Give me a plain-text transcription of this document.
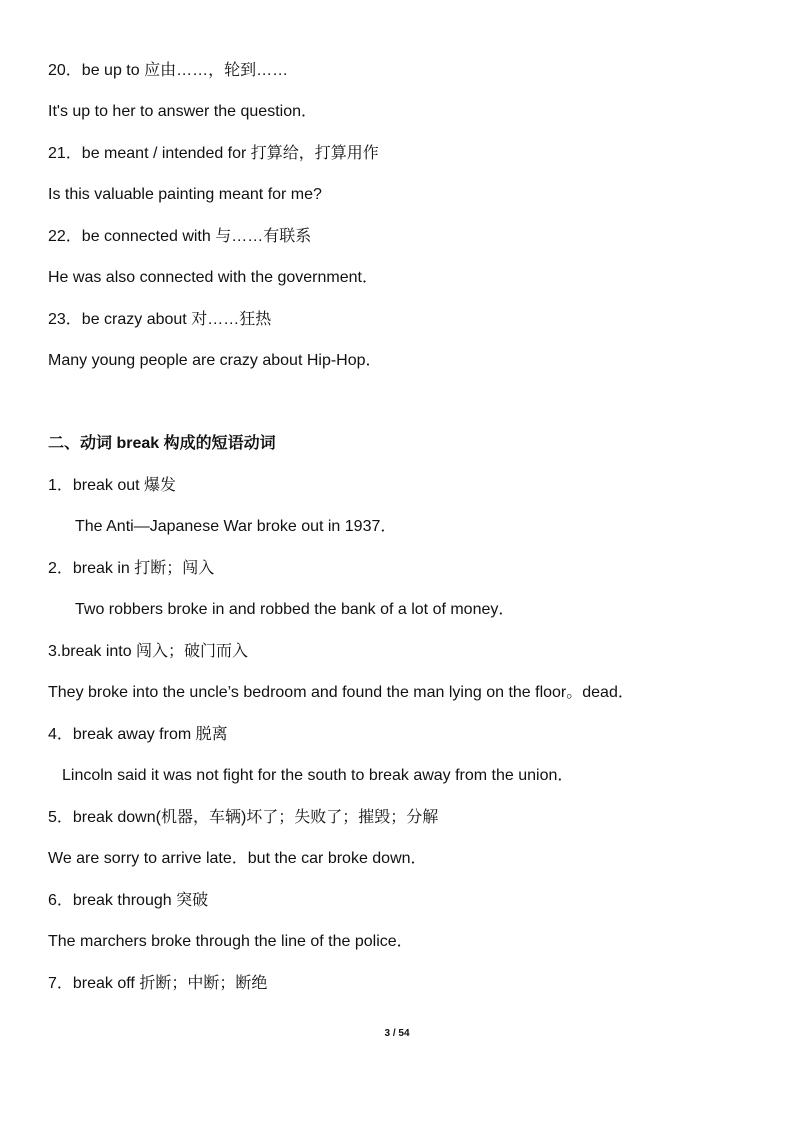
20．be up to 应由……，轮到……
It's up to her to answer the question．
21．be meant / intended for 打算给，打算用作
Is this valuable painting meant for me?
22．be connected with 与……有联系
He was also connected with the government．
23．be crazy about 对……狂热
Many young people are crazy about Hip-Hop．
二、动词 break 构成的短语动词
1．break out 爆发
The Anti—Japanese War broke out in 1937．
2．break in 打断；闯入
Two robbers broke in and robbed the bank of a lot of money．
3.break into 闯入；破门而入
They broke into the uncle’s bedroom and found the man lying on the floor。dead．
4．break away from 脱离
Lincoln said it was not fight for the south to break away from the union．
5．break down(机器，车辆)坏了；失败了；摧毁；分解
We are sorry to arrive late．but the car broke down．
6．break through 突破
The marchers broke through the line of the police．
7．break off 折断；中断；断绝
3 / 54
